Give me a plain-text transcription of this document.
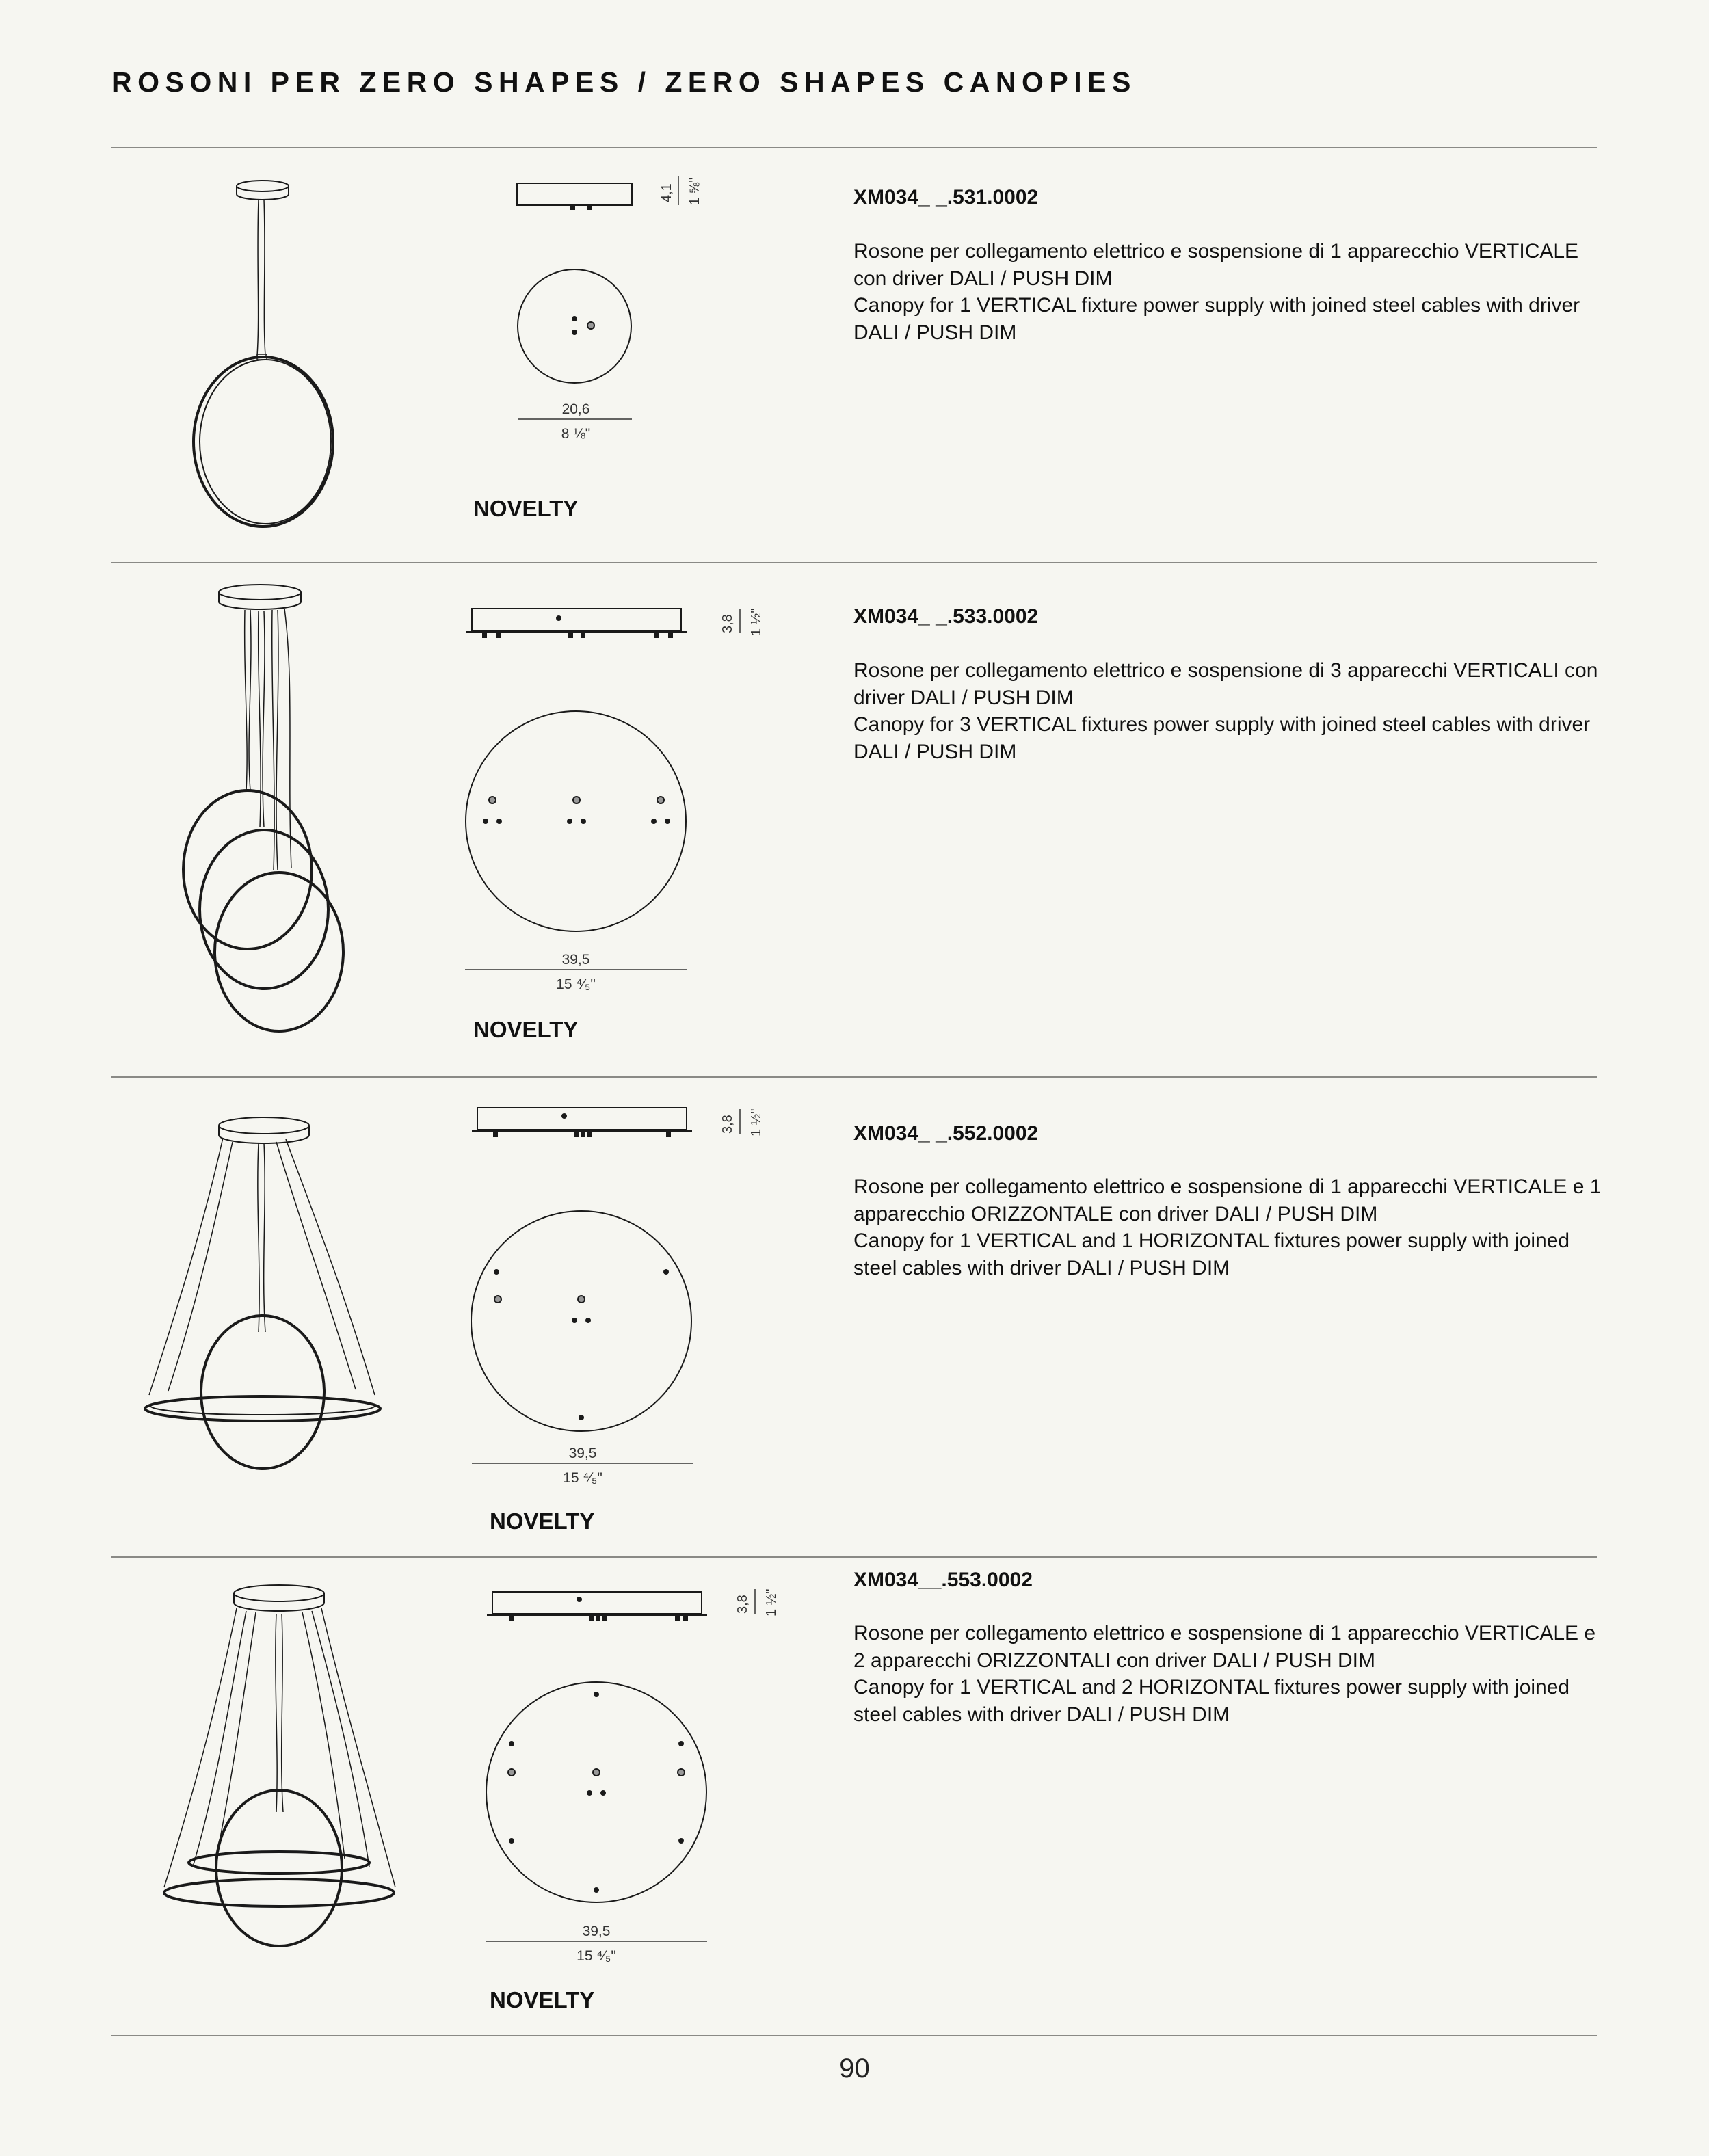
ROSONI PER ZERO SHAPES / ZERO SHAPES CANOPIES
4,1 1 ⅝"
20,6
8 ⅛"

XM034_ _.531.0002

Rosone per collegamento elettrico e sospensione di 1 apparecchio VERTICALE con driver DALI / PUSH DIM

Canopy for 1 VERTICAL fixture power supply with joined steel cables with driver DALI / PUSH DIM

NOVELTY

3,8 1 ½"
39,5
15 ⁴⁄₅"

XM034_ _.533.0002

Rosone per collegamento elettrico e sospensione di 3 apparecchi VERTICALI con driver DALI / PUSH DIM

Canopy for 3 VERTICAL fixtures power supply with joined steel cables with driver DALI / PUSH DIM

NOVELTY

3,8 1 ½"
39,5
15 ⁴⁄₅"

XM034_ _.552.0002

Rosone per collegamento elettrico e sospensione di 1 apparecchi VERTICALE e 1 apparecchio ORIZZONTALE con driver DALI / PUSH DIM

Canopy for 1 VERTICAL and 1 HORIZONTAL fixtures power supply with joined steel cables with driver DALI / PUSH DIM

NOVELTY

3,8 1 ½"
39,5
15 ⁴⁄₅"

XM034__.553.0002

Rosone per collegamento elettrico e sospensione di 1 apparecchio VERTICALE e 2 apparecchi ORIZZONTALI con driver DALI / PUSH DIM

Canopy for 1 VERTICAL and 2 HORIZONTAL fixtures power supply with joined steel cables with driver DALI / PUSH DIM

NOVELTY

90
